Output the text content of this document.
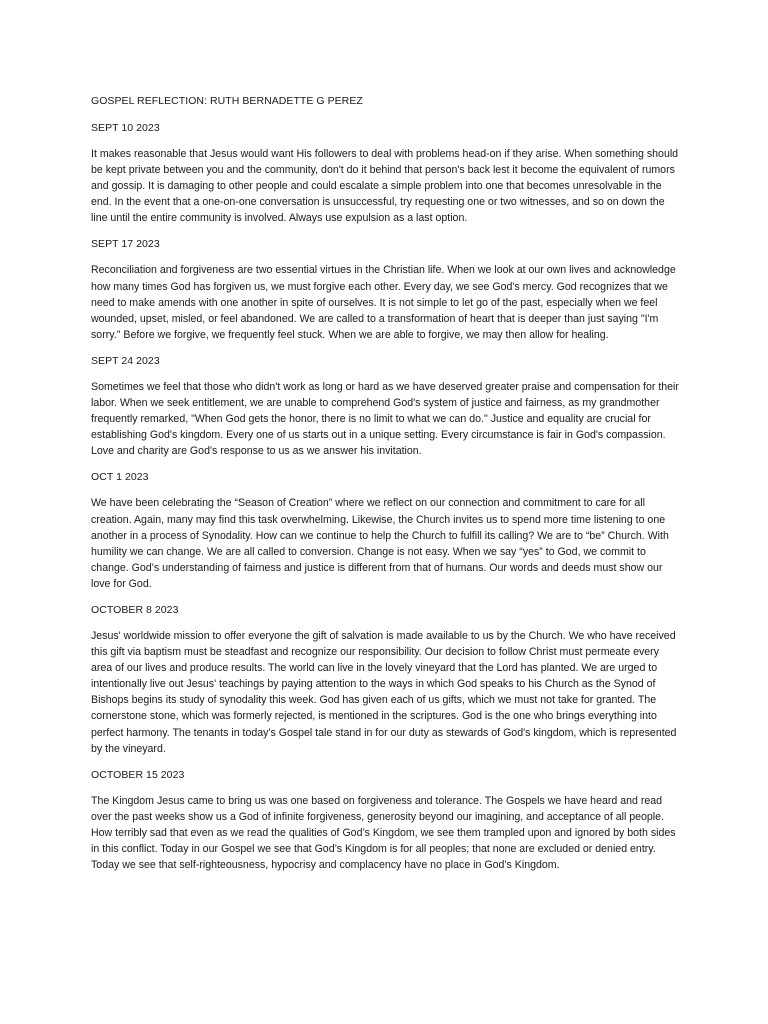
GOSPEL REFLECTION: RUTH BERNADETTE G PEREZ

SEPT 10 2023

It makes reasonable that Jesus would want His followers to deal with problems head-on if they arise. When something should be kept private between you and the community, don't do it behind that person's back lest it become the equivalent of rumors and gossip. It is damaging to other people and could escalate a simple problem into one that becomes unresolvable in the end. In the event that a one-on-one conversation is unsuccessful, try requesting one or two witnesses, and so on down the line until the entire community is involved. Always use expulsion as a last option.

SEPT 17 2023

Reconciliation and forgiveness are two essential virtues in the Christian life. When we look at our own lives and acknowledge how many times God has forgiven us, we must forgive each other. Every day, we see God's mercy. God recognizes that we need to make amends with one another in spite of ourselves. It is not simple to let go of the past, especially when we feel wounded, upset, misled, or feel abandoned. We are called to a transformation of heart that is deeper than just saying "I'm sorry." Before we forgive, we frequently feel stuck. When we are able to forgive, we may then allow for healing.

SEPT 24 2023

Sometimes we feel that those who didn't work as long or hard as we have deserved greater praise and compensation for their labor. When we seek entitlement, we are unable to comprehend God's system of justice and fairness, as my grandmother frequently remarked, "When God gets the honor, there is no limit to what we can do." Justice and equality are crucial for establishing God's kingdom. Every one of us starts out in a unique setting. Every circumstance is fair in God's compassion. Love and charity are God's response to us as we answer his invitation.

OCT 1 2023

We have been celebrating the “Season of Creation” where we reflect on our connection and commitment to care for all creation. Again, many may find this task overwhelming. Likewise, the Church invites us to spend more time listening to one another in a process of Synodality. How can we continue to help the Church to fulfill its calling? We are to “be” Church. With humility we can change. We are all called to conversion. Change is not easy. When we say “yes” to God, we commit to change. God’s understanding of fairness and justice is different from that of humans. Our words and deeds must show our love for God.

OCTOBER 8 2023

Jesus' worldwide mission to offer everyone the gift of salvation is made available to us by the Church. We who have received this gift via baptism must be steadfast and recognize our responsibility. Our decision to follow Christ must permeate every area of our lives and produce results. The world can live in the lovely vineyard that the Lord has planted. We are urged to intentionally live out Jesus' teachings by paying attention to the ways in which God speaks to his Church as the Synod of Bishops begins its study of synodality this week. God has given each of us gifts, which we must not take for granted. The cornerstone stone, which was formerly rejected, is mentioned in the scriptures. God is the one who brings everything into perfect harmony. The tenants in today's Gospel tale stand in for our duty as stewards of God's kingdom, which is represented by the vineyard.

OCTOBER 15 2023

The Kingdom Jesus came to bring us was one based on forgiveness and tolerance. The Gospels we have heard and read over the past weeks show us a God of infinite forgiveness, generosity beyond our imagining, and acceptance of all people. How terribly sad that even as we read the qualities of God’s Kingdom, we see them trampled upon and ignored by both sides in this conflict. Today in our Gospel we see that God’s Kingdom is for all peoples; that none are excluded or denied entry. Today we see that self-righteousness, hypocrisy and complacency have no place in God’s Kingdom.
